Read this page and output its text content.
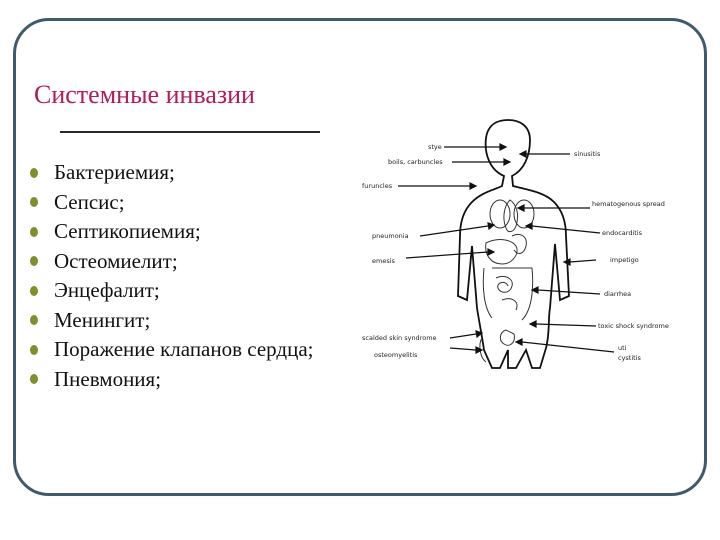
Системные инвазии
Бактериемия;
Сепсис;
Септикопиемия;
Остеомиелит;
Энцефалит;
Менингит;
Поражение клапанов сердца;
Пневмония;
stye
boils, carbuncles
furuncles
pneumonia
emesis
scalded skin syndrome
osteomyelitis
sinusitis
hematogenous spread
endocarditis
impetigo
diarrhea
toxic shock syndrome
uti
cystitis
